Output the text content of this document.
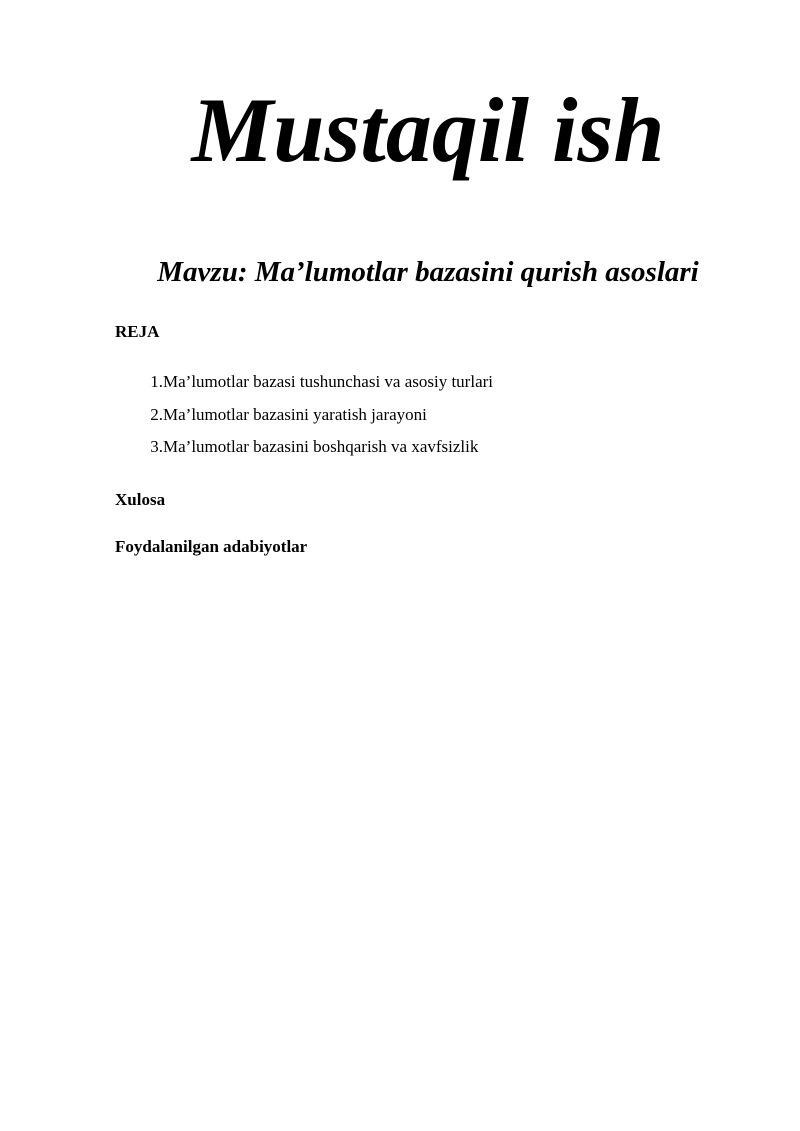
Mustaqil ish
Mavzu: Ma’lumotlar bazasini qurish asoslari
REJA
1. Ma’lumotlar bazasi tushunchasi va asosiy turlari
2. Ma’lumotlar bazasini yaratish jarayoni
3. Ma’lumotlar bazasini boshqarish va xavfsizlik
Xulosa
Foydalanilgan adabiyotlar
